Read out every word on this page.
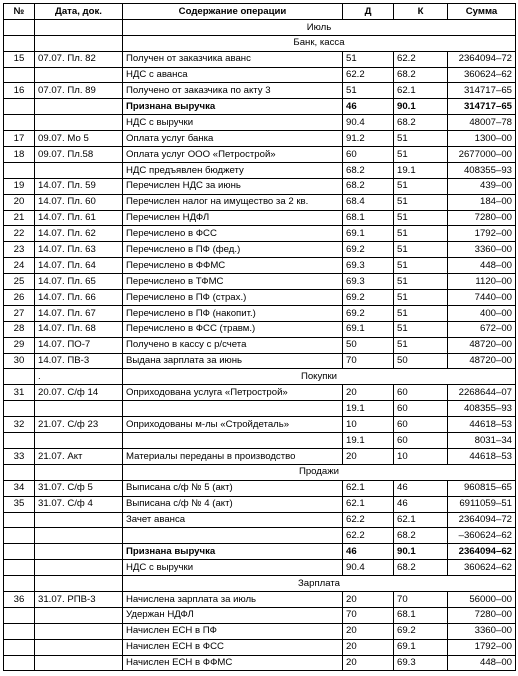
№	Дата, док.	Содержание операции	Д	К	Сумма
		Июль			
		Банк, касса			
15	07.07. Пл. 82	Получен от заказчика аванс	51	62.2	2364094–72
		НДС с аванса	62.2	68.2	360624–62
16	07.07. Пл. 89	Получено от заказчика по акту 3	51	62.1	314717–65
		Признана выручка	46	90.1	314717–65
		НДС с выручки	90.4	68.2	48007–78
17	09.07. Мо 5	Оплата услуг банка	91.2	51	1300–00
18	09.07. Пл.58	Оплата услуг ООО «Петрострой»	60	51	2677000–00
		НДС предъявлен бюджету	68.2	19.1	408355–93
19	14.07. Пл. 59	Перечислен НДС за июнь	68.2	51	439–00
20	14.07. Пл. 60	Перечислен налог на имущество за 2 кв.	68.4	51	184–00
21	14.07. Пл. 61	Перечислен НДФЛ	68.1	51	7280–00
22	14.07. Пл. 62	Перечислено в ФСС	69.1	51	1792–00
23	14.07. Пл. 63	Перечислено в ПФ (фед.)	69.2	51	3360–00
24	14.07. Пл. 64	Перечислено в ФФМС	69.3	51	448–00
25	14.07. Пл. 65	Перечислено в ТФМС	69.3	51	1120–00
26	14.07. Пл. 66	Перечислено в ПФ (страх.)	69.2	51	7440–00
27	14.07. Пл. 67	Перечислено в ПФ (накопит.)	69.2	51	400–00
28	14.07. Пл. 68	Перечислено в ФСС (травм.)	69.1	51	672–00
29	14.07. ПО-7	Получено в кассу с р/счета	50	51	48720–00
30	14.07. ПВ-3	Выдана зарплата за июнь	70	50	48720–00
	.	Покупки			
31	20.07. С/ф 14	Оприходована услуга «Петрострой»	20	60	2268644–07
			19.1	60	408355–93
32	21.07. С/ф 23	Оприходованы м-лы «Стройдеталь»	10	60	44618–53
			19.1	60	8031–34
33	21.07. Акт	Материалы переданы в производство	20	10	44618–53
		Продажи			
34	31.07. С/ф 5	Выписана с/ф № 5 (акт)	62.1	46	960815–65
35	31.07. С/ф 4	Выписана с/ф № 4 (акт)	62.1	46	6911059–51
		Зачет аванса	62.2	62.1	2364094–72
			62.2	68.2	–360624–62
		Признана выручка	46	90.1	2364094–62
		НДС с выручки	90.4	68.2	360624–62
		Зарплата			
36	31.07. РПВ-3	Начислена зарплата за июль	20	70	56000–00
		Удержан НДФЛ	70	68.1	7280–00
		Начислен ЕСН в ПФ	20	69.2	3360–00
		Начислен ЕСН в ФСС	20	69.1	1792–00
		Начислен ЕСН в ФФМС	20	69.3	448–00
